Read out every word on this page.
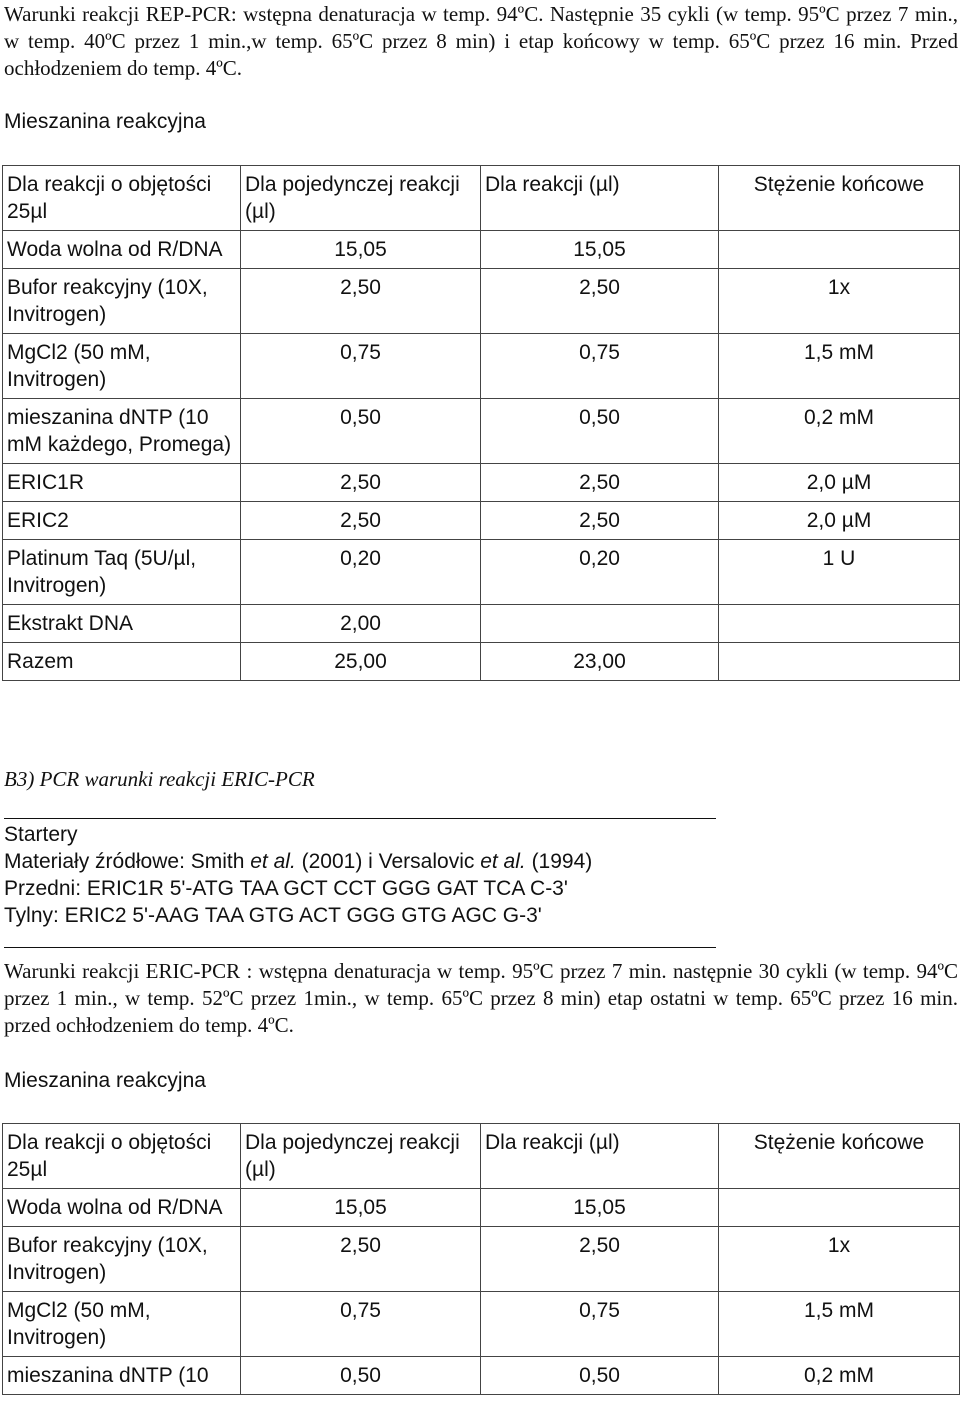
Warunki reakcji REP-PCR: wstępna denaturacja w temp. 94ºC. Następnie 35 cykli (w temp. 95ºC przez 7 min., w temp. 40ºC przez 1 min.,w temp. 65ºC przez 8 min) i etap końcowy w temp. 65ºC przez 16 min. Przed ochłodzeniem do temp. 4ºC.

Mieszanina reakcyjna

Dla reakcji o objętości 25µl	Dla pojedynczej reakcji (µl)	Dla reakcji (µl)	Stężenie końcowe
Woda wolna od R/DNA	15,05	15,05	
Bufor reakcyjny (10X, Invitrogen)	2,50	2,50	1x
MgCl2 (50 mM, Invitrogen)	0,75	0,75	1,5 mM
mieszanina dNTP (10 mM każdego, Promega)	0,50	0,50	0,2 mM
ERIC1R	2,50	2,50	2,0 µM
ERIC2	2,50	2,50	2,0 µM
Platinum Taq (5U/µl, Invitrogen)	0,20	0,20	1 U
Ekstrakt DNA	2,00		
Razem	25,00	23,00	

B3) PCR warunki reakcji ERIC-PCR

Startery

Materiały źródłowe: Smith et al. (2001) i Versalovic et al. (1994)

Przedni: ERIC1R 5'-ATG TAA GCT CCT GGG GAT TCA C-3'

Tylny: ERIC2 5'-AAG TAA GTG ACT GGG GTG AGC G-3'

Warunki reakcji ERIC-PCR : wstępna denaturacja w temp. 95ºC przez 7 min. następnie 30 cykli (w temp. 94ºC przez 1 min., w temp. 52ºC przez 1min., w temp. 65ºC przez 8 min) etap ostatni w temp. 65ºC przez 16 min. przed ochłodzeniem do temp. 4ºC.

Mieszanina reakcyjna

Dla reakcji o objętości 25µl	Dla pojedynczej reakcji (µl)	Dla reakcji (µl)	Stężenie końcowe
Woda wolna od R/DNA	15,05	15,05	
Bufor reakcyjny (10X, Invitrogen)	2,50	2,50	1x
MgCl2 (50 mM, Invitrogen)	0,75	0,75	1,5 mM
mieszanina dNTP (10	0,50	0,50	0,2 mM
